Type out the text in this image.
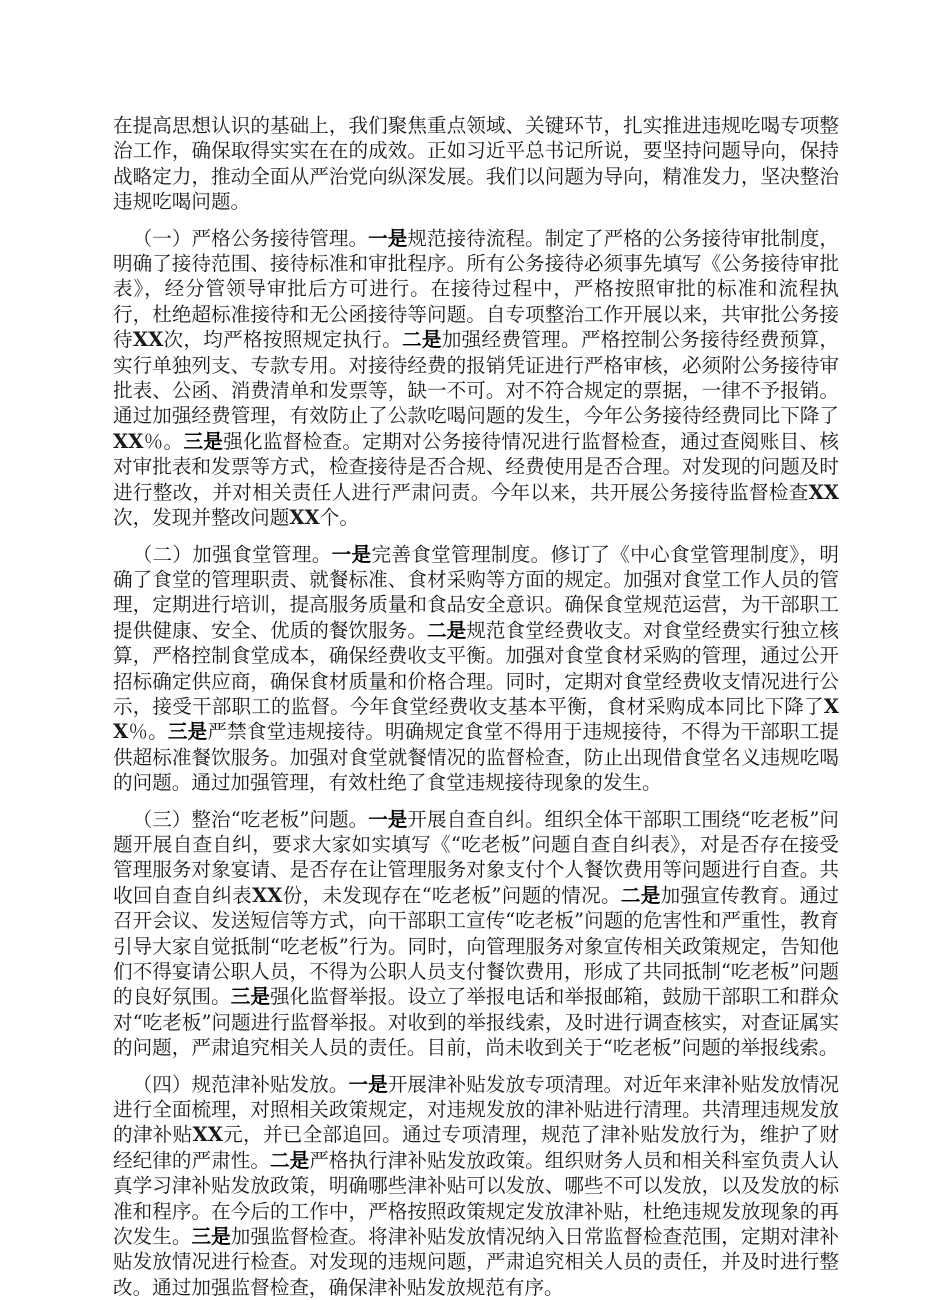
在提高思想认识的基础上，我们聚焦重点领域、关键环节，扎实推进违规吃喝专项整治工作，确保取得实实在在的成效。正如习近平总书记所说，要坚持问题导向，保持战略定力，推动全面从严治党向纵深发展。我们以问题为导向，精准发力，坚决整治违规吃喝问题。

（一）严格公务接待管理。一是规范接待流程。制定了严格的公务接待审批制度，明确了接待范围、接待标准和审批程序。所有公务接待必须事先填写《公务接待审批表》，经分管领导审批后方可进行。在接待过程中，严格按照审批的标准和流程执行，杜绝超标准接待和无公函接待等问题。自专项整治工作开展以来，共审批公务接待XX次，均严格按照规定执行。二是加强经费管理。严格控制公务接待经费预算，实行单独列支、专款专用。对接待经费的报销凭证进行严格审核，必须附公务接待审批表、公函、消费清单和发票等，缺一不可。对不符合规定的票据，一律不予报销。通过加强经费管理，有效防止了公款吃喝问题的发生，今年公务接待经费同比下降了XX％。三是强化监督检查。定期对公务接待情况进行监督检查，通过查阅账目、核对审批表和发票等方式，检查接待是否合规、经费使用是否合理。对发现的问题及时进行整改，并对相关责任人进行严肃问责。今年以来，共开展公务接待监督检查XX次，发现并整改问题XX个。

（二）加强食堂管理。一是完善食堂管理制度。修订了《中心食堂管理制度》，明确了食堂的管理职责、就餐标准、食材采购等方面的规定。加强对食堂工作人员的管理，定期进行培训，提高服务质量和食品安全意识。确保食堂规范运营，为干部职工提供健康、安全、优质的餐饮服务。二是规范食堂经费收支。对食堂经费实行独立核算，严格控制食堂成本，确保经费收支平衡。加强对食堂食材采购的管理，通过公开招标确定供应商，确保食材质量和价格合理。同时，定期对食堂经费收支情况进行公示，接受干部职工的监督。今年食堂经费收支基本平衡，食材采购成本同比下降了XX％。三是严禁食堂违规接待。明确规定食堂不得用于违规接待，不得为干部职工提供超标准餐饮服务。加强对食堂就餐情况的监督检查，防止出现借食堂名义违规吃喝的问题。通过加强管理，有效杜绝了食堂违规接待现象的发生。

（三）整治“吃老板”问题。一是开展自查自纠。组织全体干部职工围绕“吃老板”问题开展自查自纠，要求大家如实填写《“吃老板”问题自查自纠表》，对是否存在接受管理服务对象宴请、是否存在让管理服务对象支付个人餐饮费用等问题进行自查。共收回自查自纠表XX份，未发现存在“吃老板”问题的情况。二是加强宣传教育。通过召开会议、发送短信等方式，向干部职工宣传“吃老板”问题的危害性和严重性，教育引导大家自觉抵制“吃老板”行为。同时，向管理服务对象宣传相关政策规定，告知他们不得宴请公职人员，不得为公职人员支付餐饮费用，形成了共同抵制“吃老板”问题的良好氛围。三是强化监督举报。设立了举报电话和举报邮箱，鼓励干部职工和群众对“吃老板”问题进行监督举报。对收到的举报线索，及时进行调查核实，对查证属实的问题，严肃追究相关人员的责任。目前，尚未收到关于“吃老板”问题的举报线索。

（四）规范津补贴发放。一是开展津补贴发放专项清理。对近年来津补贴发放情况进行全面梳理，对照相关政策规定，对违规发放的津补贴进行清理。共清理违规发放的津补贴XX元，并已全部追回。通过专项清理，规范了津补贴发放行为，维护了财经纪律的严肃性。二是严格执行津补贴发放政策。组织财务人员和相关科室负责人认真学习津补贴发放政策，明确哪些津补贴可以发放、哪些不可以发放，以及发放的标准和程序。在今后的工作中，严格按照政策规定发放津补贴，杜绝违规发放现象的再次发生。三是加强监督检查。将津补贴发放情况纳入日常监督检查范围，定期对津补贴发放情况进行检查。对发现的违规问题，严肃追究相关人员的责任，并及时进行整改。通过加强监督检查，确保津补贴发放规范有序。
